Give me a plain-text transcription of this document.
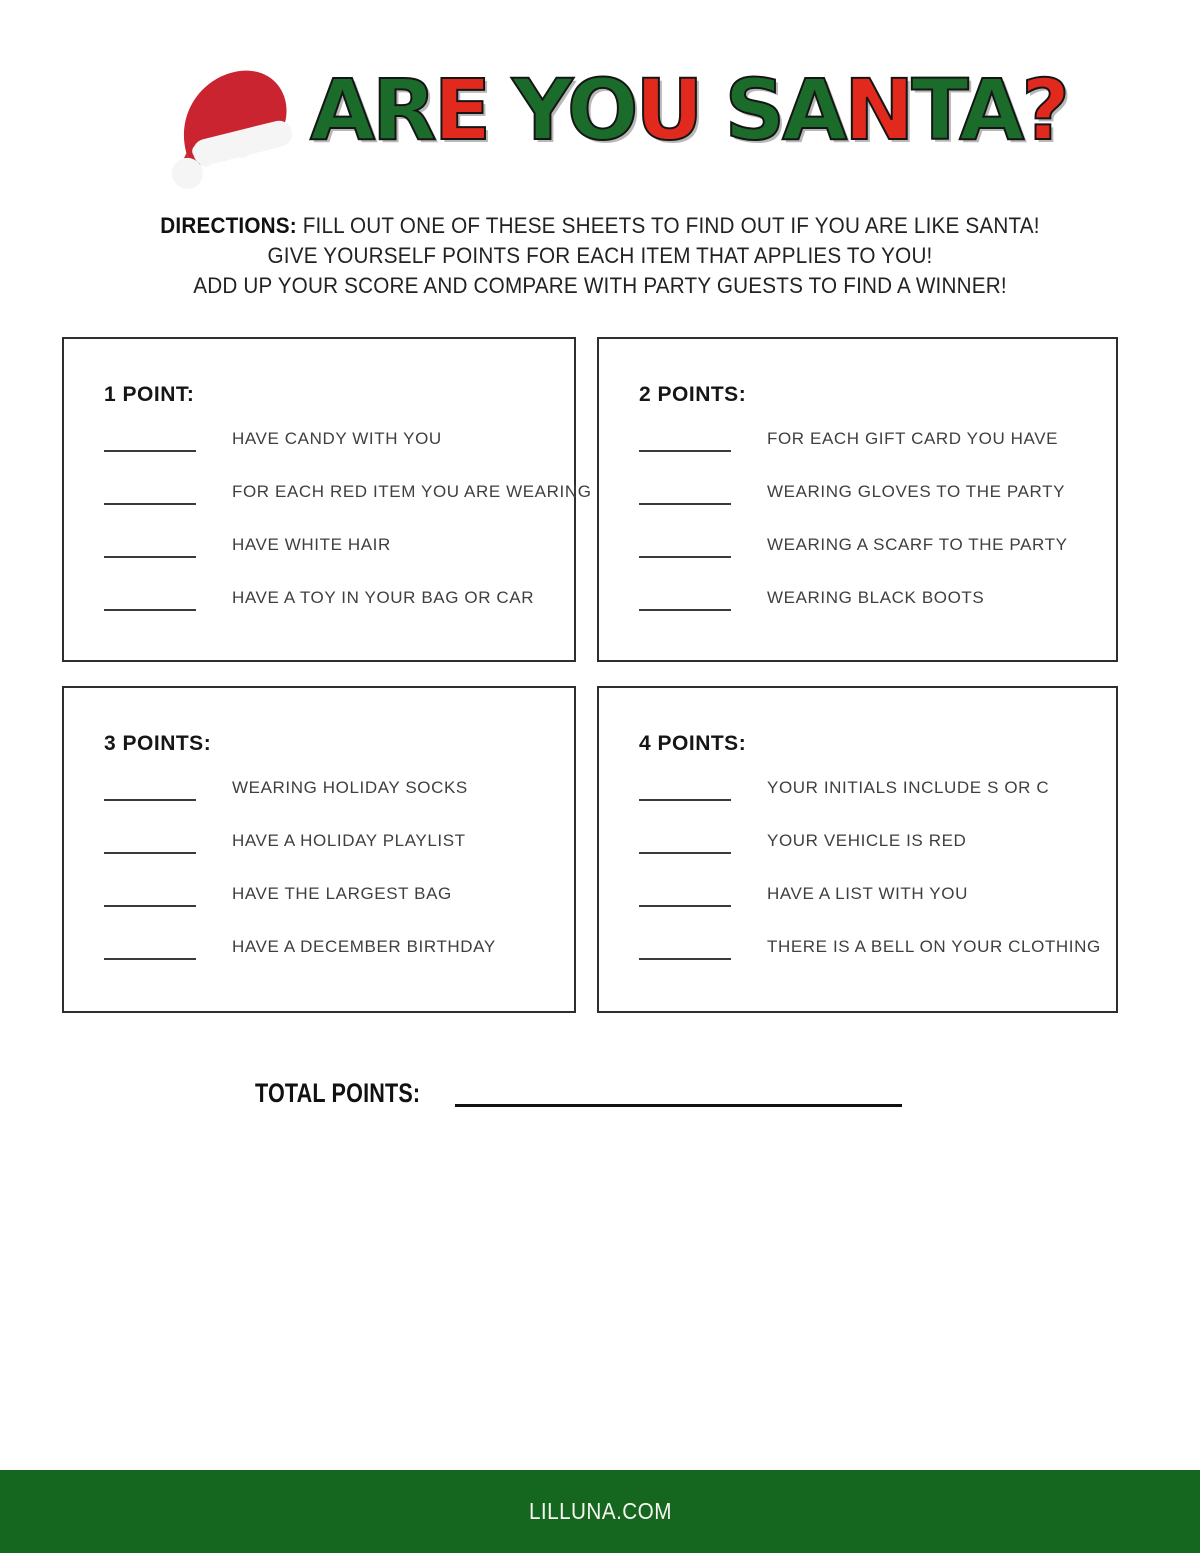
ARE YOU SANTA?
DIRECTIONS: FILL OUT ONE OF THESE SHEETS TO FIND OUT IF YOU ARE LIKE SANTA!
GIVE YOURSELF POINTS FOR EACH ITEM THAT APPLIES TO YOU!
ADD UP YOUR SCORE AND COMPARE WITH PARTY GUESTS TO FIND A WINNER!
1 POINT:
HAVE CANDY WITH YOU
FOR EACH RED ITEM YOU ARE WEARING
HAVE WHITE HAIR
HAVE A TOY IN YOUR BAG OR CAR
2 POINTS:
FOR EACH GIFT CARD YOU HAVE
WEARING GLOVES TO THE PARTY
WEARING A SCARF TO THE PARTY
WEARING BLACK BOOTS
3 POINTS:
WEARING HOLIDAY SOCKS
HAVE A HOLIDAY PLAYLIST
HAVE THE LARGEST BAG
HAVE A DECEMBER BIRTHDAY
4 POINTS:
YOUR INITIALS INCLUDE S OR C
YOUR VEHICLE IS RED
HAVE A LIST WITH YOU
THERE IS A BELL ON YOUR CLOTHING
TOTAL POINTS:
LILLUNA.COM
